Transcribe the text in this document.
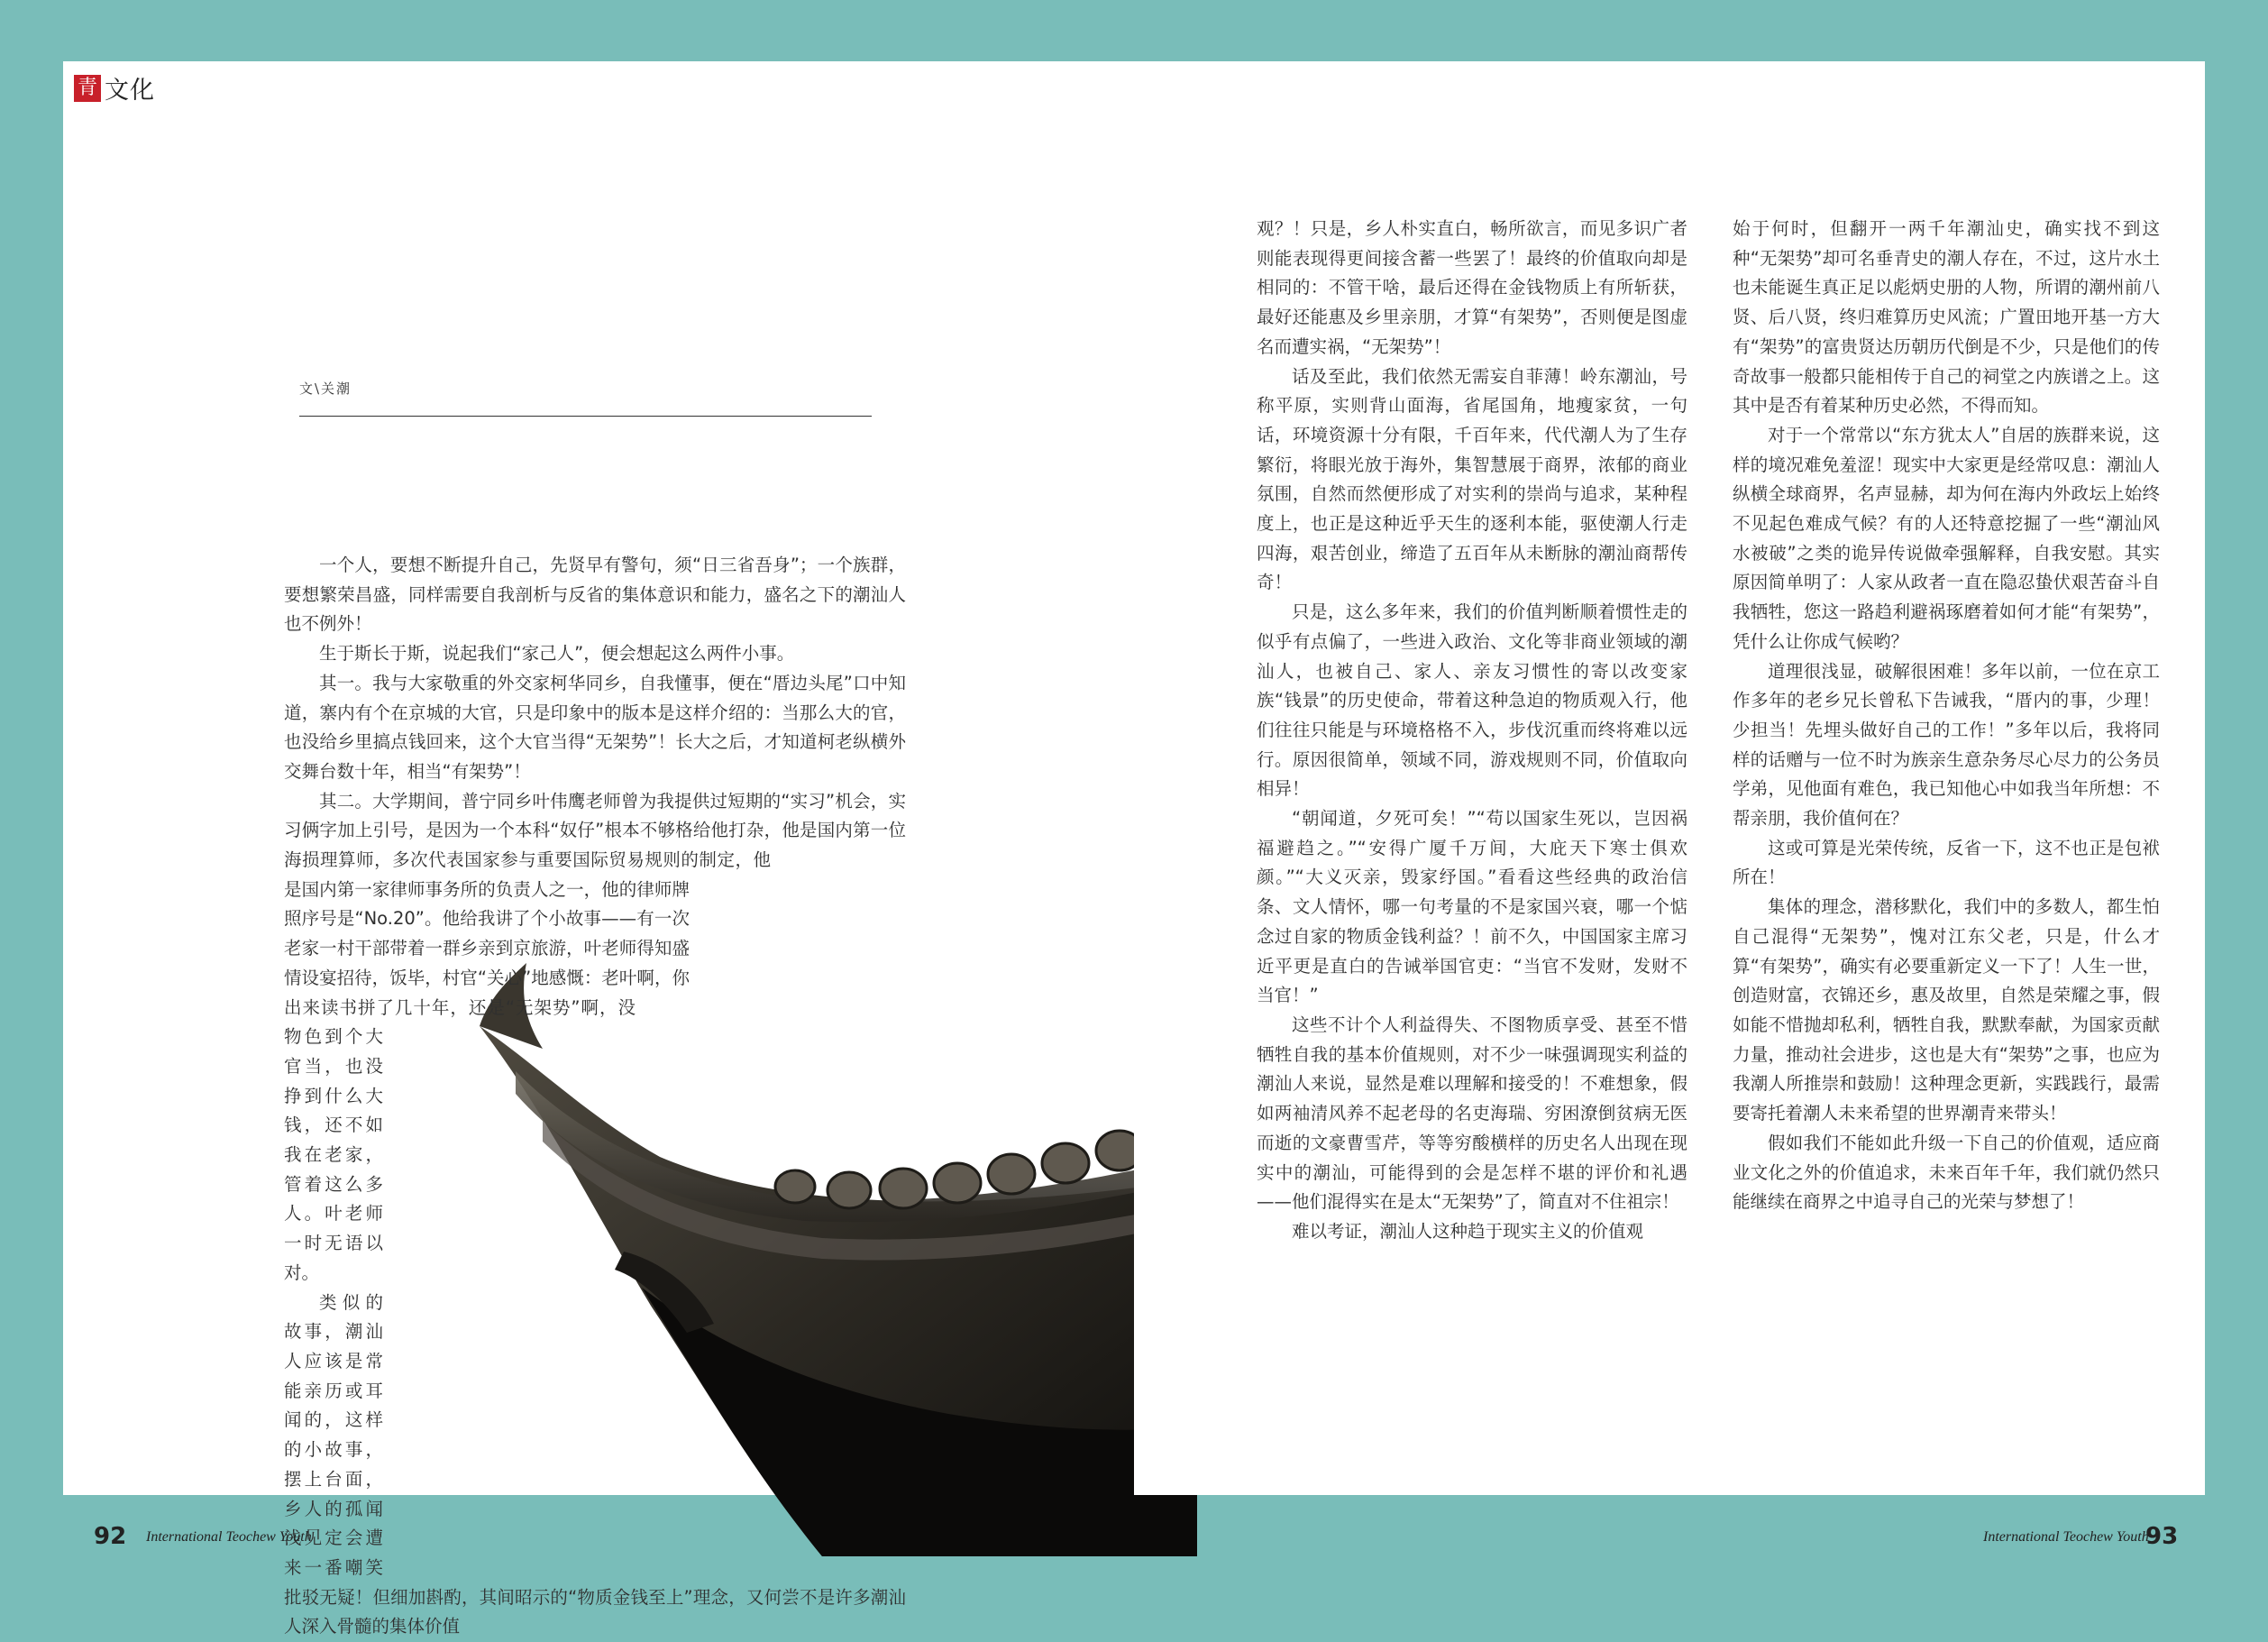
青 文化
文\关潮

一个人，要想不断提升自己，先贤早有警句，须“日三省吾身”；一个族群，要想繁荣昌盛，同样需要自我剖析与反省的集体意识和能力，盛名之下的潮汕人也不例外！

生于斯长于斯，说起我们“家己人”，便会想起这么两件小事。

其一。我与大家敬重的外交家柯华同乡，自我懂事，便在“厝边头尾”口中知道，寨内有个在京城的大官，只是印象中的版本是这样介绍的：当那么大的官，也没给乡里搞点钱回来，这个大官当得“无架势”！长大之后，才知道柯老纵横外交舞台数十年，相当“有架势”！

其二。大学期间，普宁同乡叶伟鹰老师曾为我提供过短期的“实习”机会，实习俩字加上引号，是因为一个本科“奴仔”根本不够格给他打杂，他是国内第一位海损理算师，多次代表国家参与重要国际贸易规则的制定，他是国内第一家律师事务所的负责人之一，他的律师牌照序号是“No.20”。他给我讲了个小故事——有一次老家一村干部带着一群乡亲到京旅游，叶老师得知盛情设宴招待，饭毕，村官“关心”地感慨：老叶啊，你出来读书拼了几十年，还是“无架势”啊，没物色到个大官当，也没挣到什么大钱，还不如我在老家，管着这么多人。叶老师一时无语以对。

类似的故事，潮汕人应该是常能亲历或耳闻的，这样的小故事，摆上台面，乡人的孤闻浅见定会遭来一番嘲笑批驳无疑！但细加斟酌，其间昭示的“物质金钱至上”理念，又何尝不是许多潮汕人深入骨髓的集体价值

92 International Teochew Youth	International Teochew Youth
93

观？！只是，乡人朴实直白，畅所欲言，而见多识广者则能表现得更间接含蓄一些罢了！最终的价值取向却是相同的：不管干啥，最后还得在金钱物质上有所斩获，最好还能惠及乡里亲朋，才算“有架势”，否则便是图虚名而遭实祸，“无架势”！

话及至此，我们依然无需妄自菲薄！岭东潮汕，号称平原，实则背山面海，省尾国角，地瘦家贫，一句话，环境资源十分有限，千百年来，代代潮人为了生存繁衍，将眼光放于海外，集智慧展于商界，浓郁的商业氛围，自然而然便形成了对实利的崇尚与追求，某种程度上，也正是这种近乎天生的逐利本能，驱使潮人行走四海，艰苦创业，缔造了五百年从未断脉的潮汕商帮传奇！

只是，这么多年来，我们的价值判断顺着惯性走的似乎有点偏了，一些进入政治、文化等非商业领域的潮汕人，也被自己、家人、亲友习惯性的寄以改变家族“钱景”的历史使命，带着这种急迫的物质观入行，他们往往只能是与环境格格不入，步伐沉重而终将难以远行。原因很简单，领域不同，游戏规则不同，价值取向相异！

“朝闻道，夕死可矣！”“苟以国家生死以，岂因祸福避趋之。”“安得广厦千万间，大庇天下寒士俱欢颜。”“大义灭亲，毁家纾国。”看看这些经典的政治信条、文人情怀，哪一句考量的不是家国兴衰，哪一个惦念过自家的物质金钱利益？！前不久，中国国家主席习近平更是直白的告诫举国官吏：“当官不发财，发财不当官！”

这些不计个人利益得失、不图物质享受、甚至不惜牺牲自我的基本价值规则，对不少一味强调现实利益的潮汕人来说，显然是难以理解和接受的！不难想象，假如两袖清风养不起老母的名吏海瑞、穷困潦倒贫病无医而逝的文豪曹雪芹，等等穷酸横样的历史名人出现在现实中的潮汕，可能得到的会是怎样不堪的评价和礼遇——他们混得实在是太“无架势”了，简直对不住祖宗！

难以考证，潮汕人这种趋于现实主义的价值观

始于何时，但翻开一两千年潮汕史，确实找不到这种“无架势”却可名垂青史的潮人存在，不过，这片水土也未能诞生真正足以彪炳史册的人物，所谓的潮州前八贤、后八贤，终归难算历史风流；广置田地开基一方大有“架势”的富贵贤达历朝历代倒是不少，只是他们的传奇故事一般都只能相传于自己的祠堂之内族谱之上。这其中是否有着某种历史必然，不得而知。

对于一个常常以“东方犹太人”自居的族群来说，这样的境况难免羞涩！现实中大家更是经常叹息：潮汕人纵横全球商界，名声显赫，却为何在海内外政坛上始终不见起色难成气候？有的人还特意挖掘了一些“潮汕风水被破”之类的诡异传说做牵强解释，自我安慰。其实原因简单明了：人家从政者一直在隐忍蛰伏艰苦奋斗自我牺牲，您这一路趋利避祸琢磨着如何才能“有架势”，凭什么让你成气候哟？

道理很浅显，破解很困难！多年以前，一位在京工作多年的老乡兄长曾私下告诫我，“厝内的事，少理！少担当！先埋头做好自己的工作！”多年以后，我将同样的话赠与一位不时为族亲生意杂务尽心尽力的公务员学弟，见他面有难色，我已知他心中如我当年所想：不帮亲朋，我价值何在？

这或可算是光荣传统，反省一下，这不也正是包袱所在！

集体的理念，潜移默化，我们中的多数人，都生怕自己混得“无架势”，愧对江东父老，只是，什么才算“有架势”，确实有必要重新定义一下了！人生一世，创造财富，衣锦还乡，惠及故里，自然是荣耀之事，假如能不惜抛却私利，牺牲自我，默默奉献，为国家贡献力量，推动社会进步，这也是大有“架势”之事，也应为我潮人所推崇和鼓励！这种理念更新，实践践行，最需要寄托着潮人未来希望的世界潮青来带头！

假如我们不能如此升级一下自己的价值观，适应商业文化之外的价值追求，未来百年千年，我们就仍然只能继续在商界之中追寻自己的光荣与梦想了！
